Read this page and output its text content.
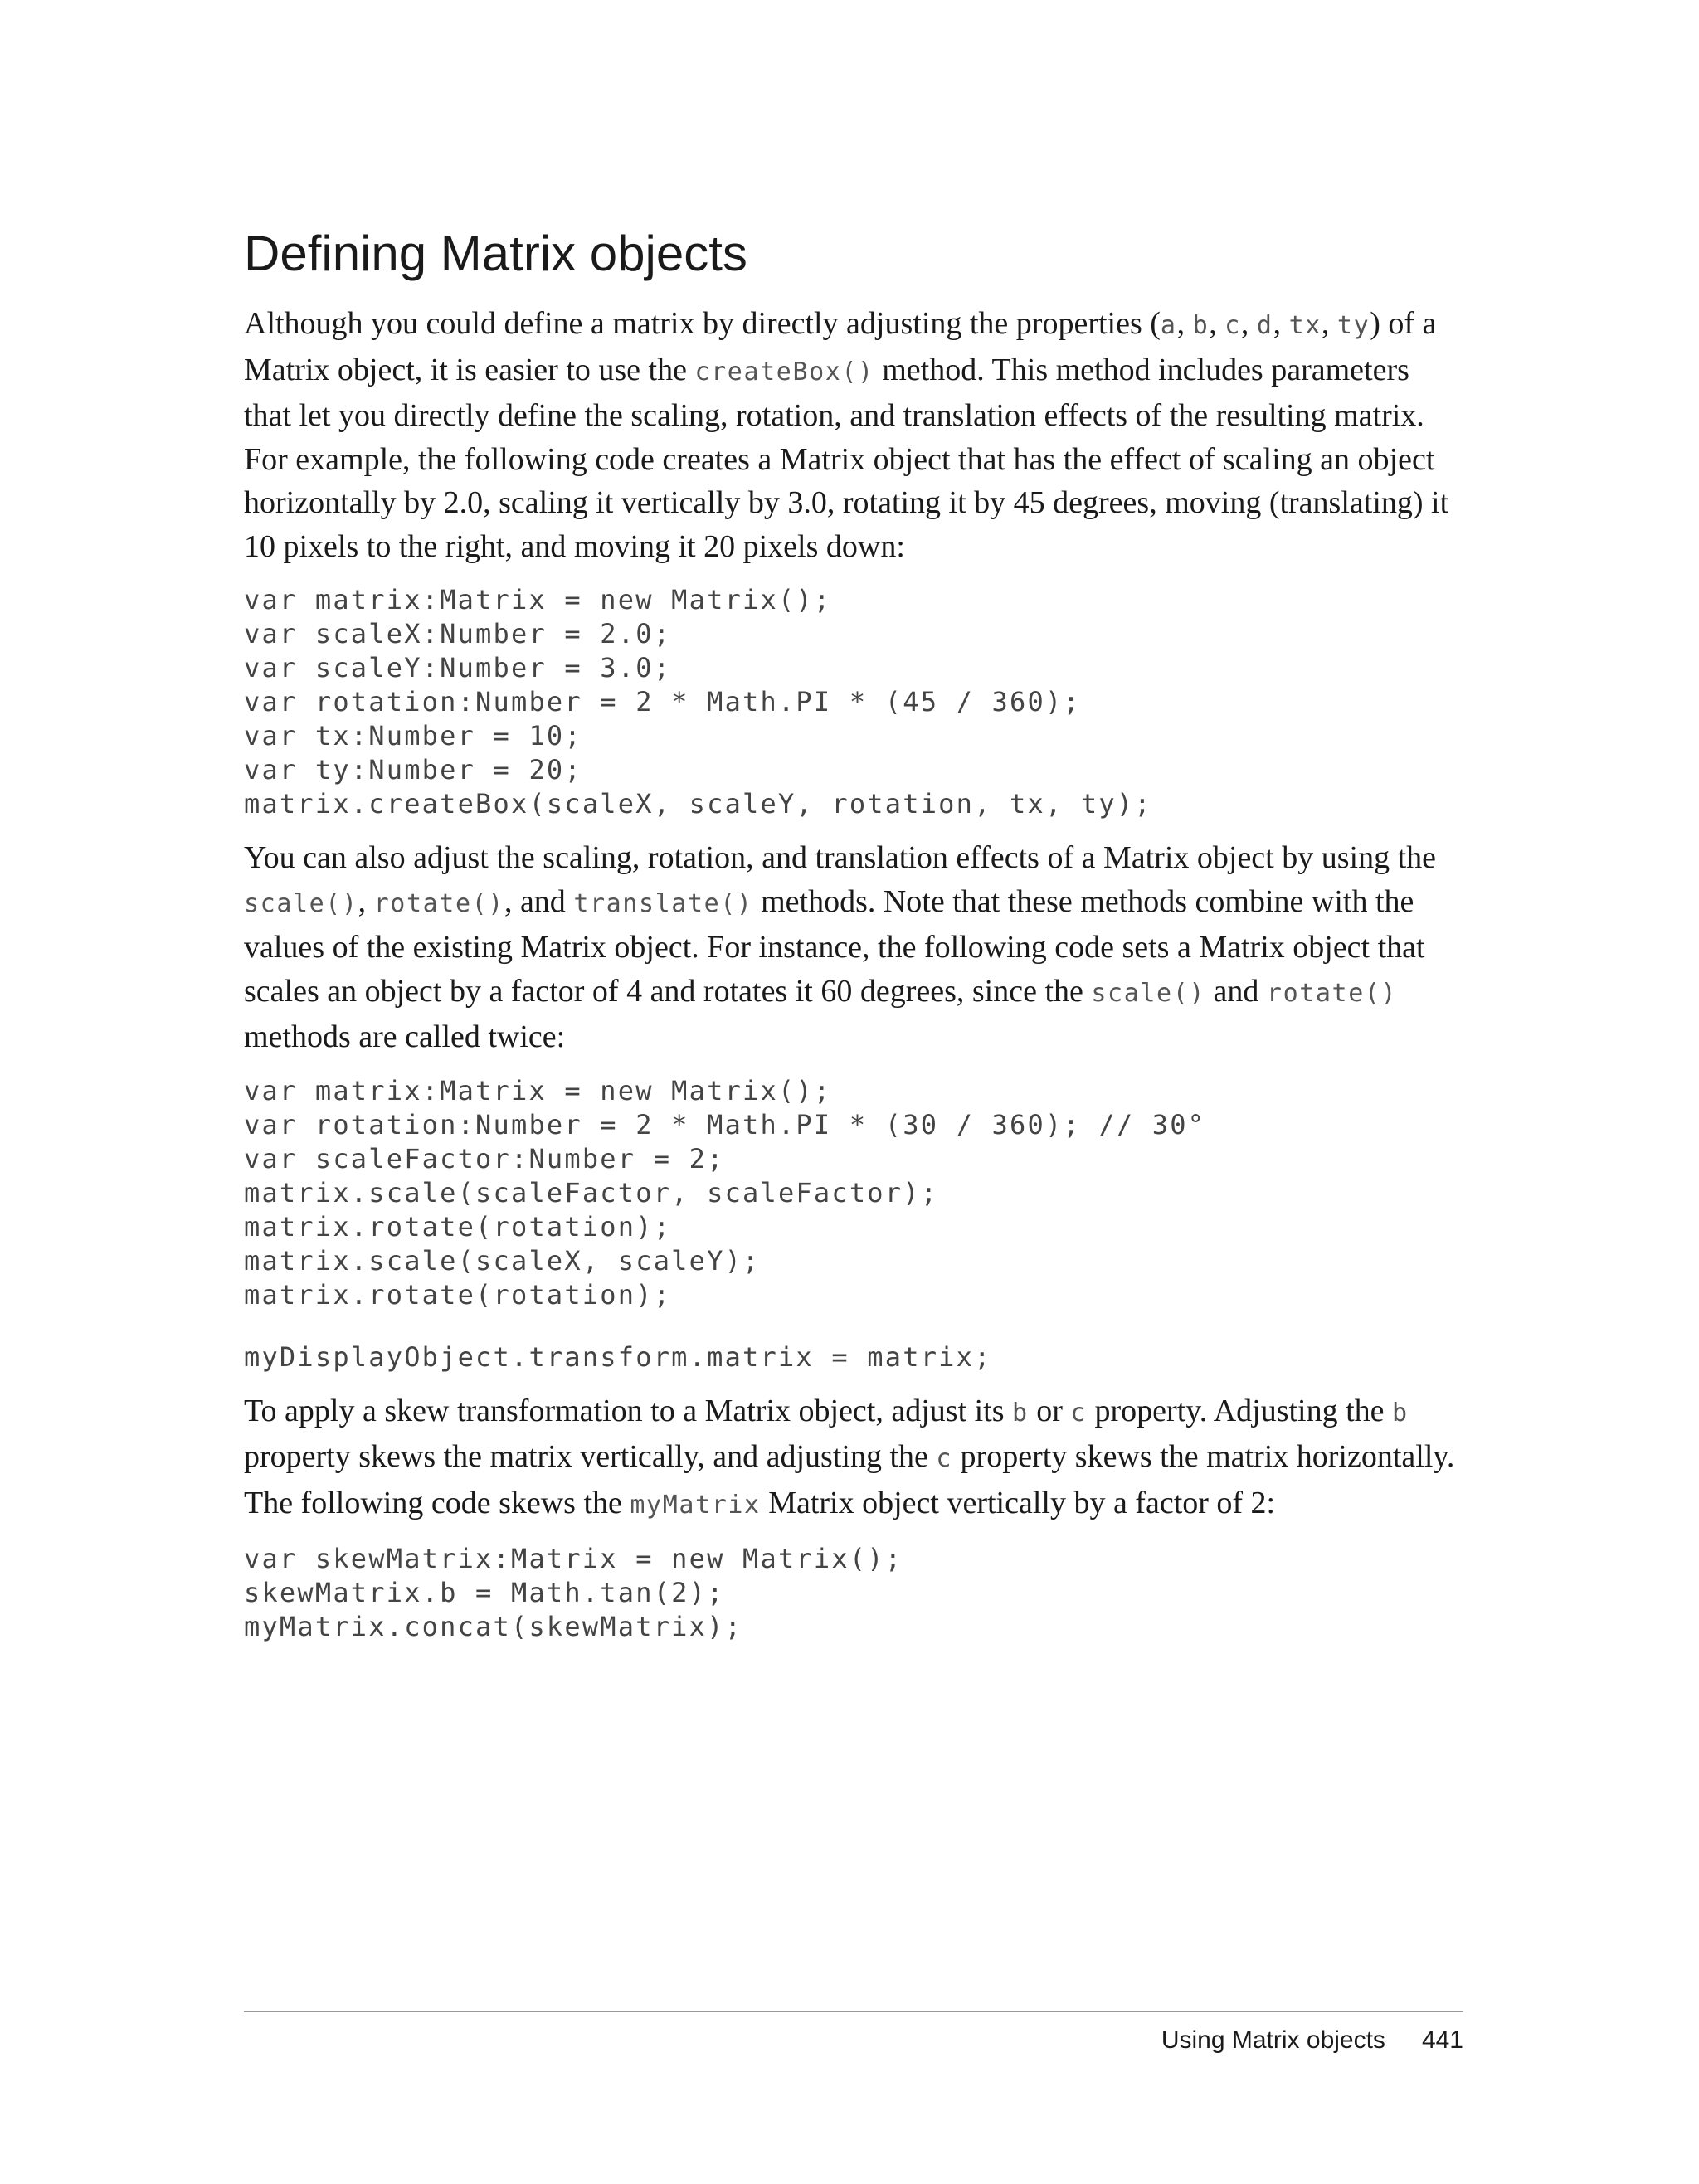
Defining Matrix objects

Although you could define a matrix by directly adjusting the properties (a, b, c, d, tx, ty) of a Matrix object, it is easier to use the createBox() method. This method includes parameters that let you directly define the scaling, rotation, and translation effects of the resulting matrix. For example, the following code creates a Matrix object that has the effect of scaling an object horizontally by 2.0, scaling it vertically by 3.0, rotating it by 45 degrees, moving (translating) it 10 pixels to the right, and moving it 20 pixels down:

var matrix:Matrix = new Matrix();
var scaleX:Number = 2.0;
var scaleY:Number = 3.0;
var rotation:Number = 2 * Math.PI * (45 / 360);
var tx:Number = 10;
var ty:Number = 20;
matrix.createBox(scaleX, scaleY, rotation, tx, ty);

You can also adjust the scaling, rotation, and translation effects of a Matrix object by using the scale(), rotate(), and translate() methods. Note that these methods combine with the values of the existing Matrix object. For instance, the following code sets a Matrix object that scales an object by a factor of 4 and rotates it 60 degrees, since the scale() and rotate() methods are called twice:

var matrix:Matrix = new Matrix();
var rotation:Number = 2 * Math.PI * (30 / 360); // 30°
var scaleFactor:Number = 2;
matrix.scale(scaleFactor, scaleFactor);
matrix.rotate(rotation);
matrix.scale(scaleX, scaleY);
matrix.rotate(rotation);
myDisplayObject.transform.matrix = matrix;

To apply a skew transformation to a Matrix object, adjust its b or c property. Adjusting the b property skews the matrix vertically, and adjusting the c property skews the matrix horizontally. The following code skews the myMatrix Matrix object vertically by a factor of 2:

var skewMatrix:Matrix = new Matrix();
skewMatrix.b = Math.tan(2);
myMatrix.concat(skewMatrix);
Using Matrix objects 441
